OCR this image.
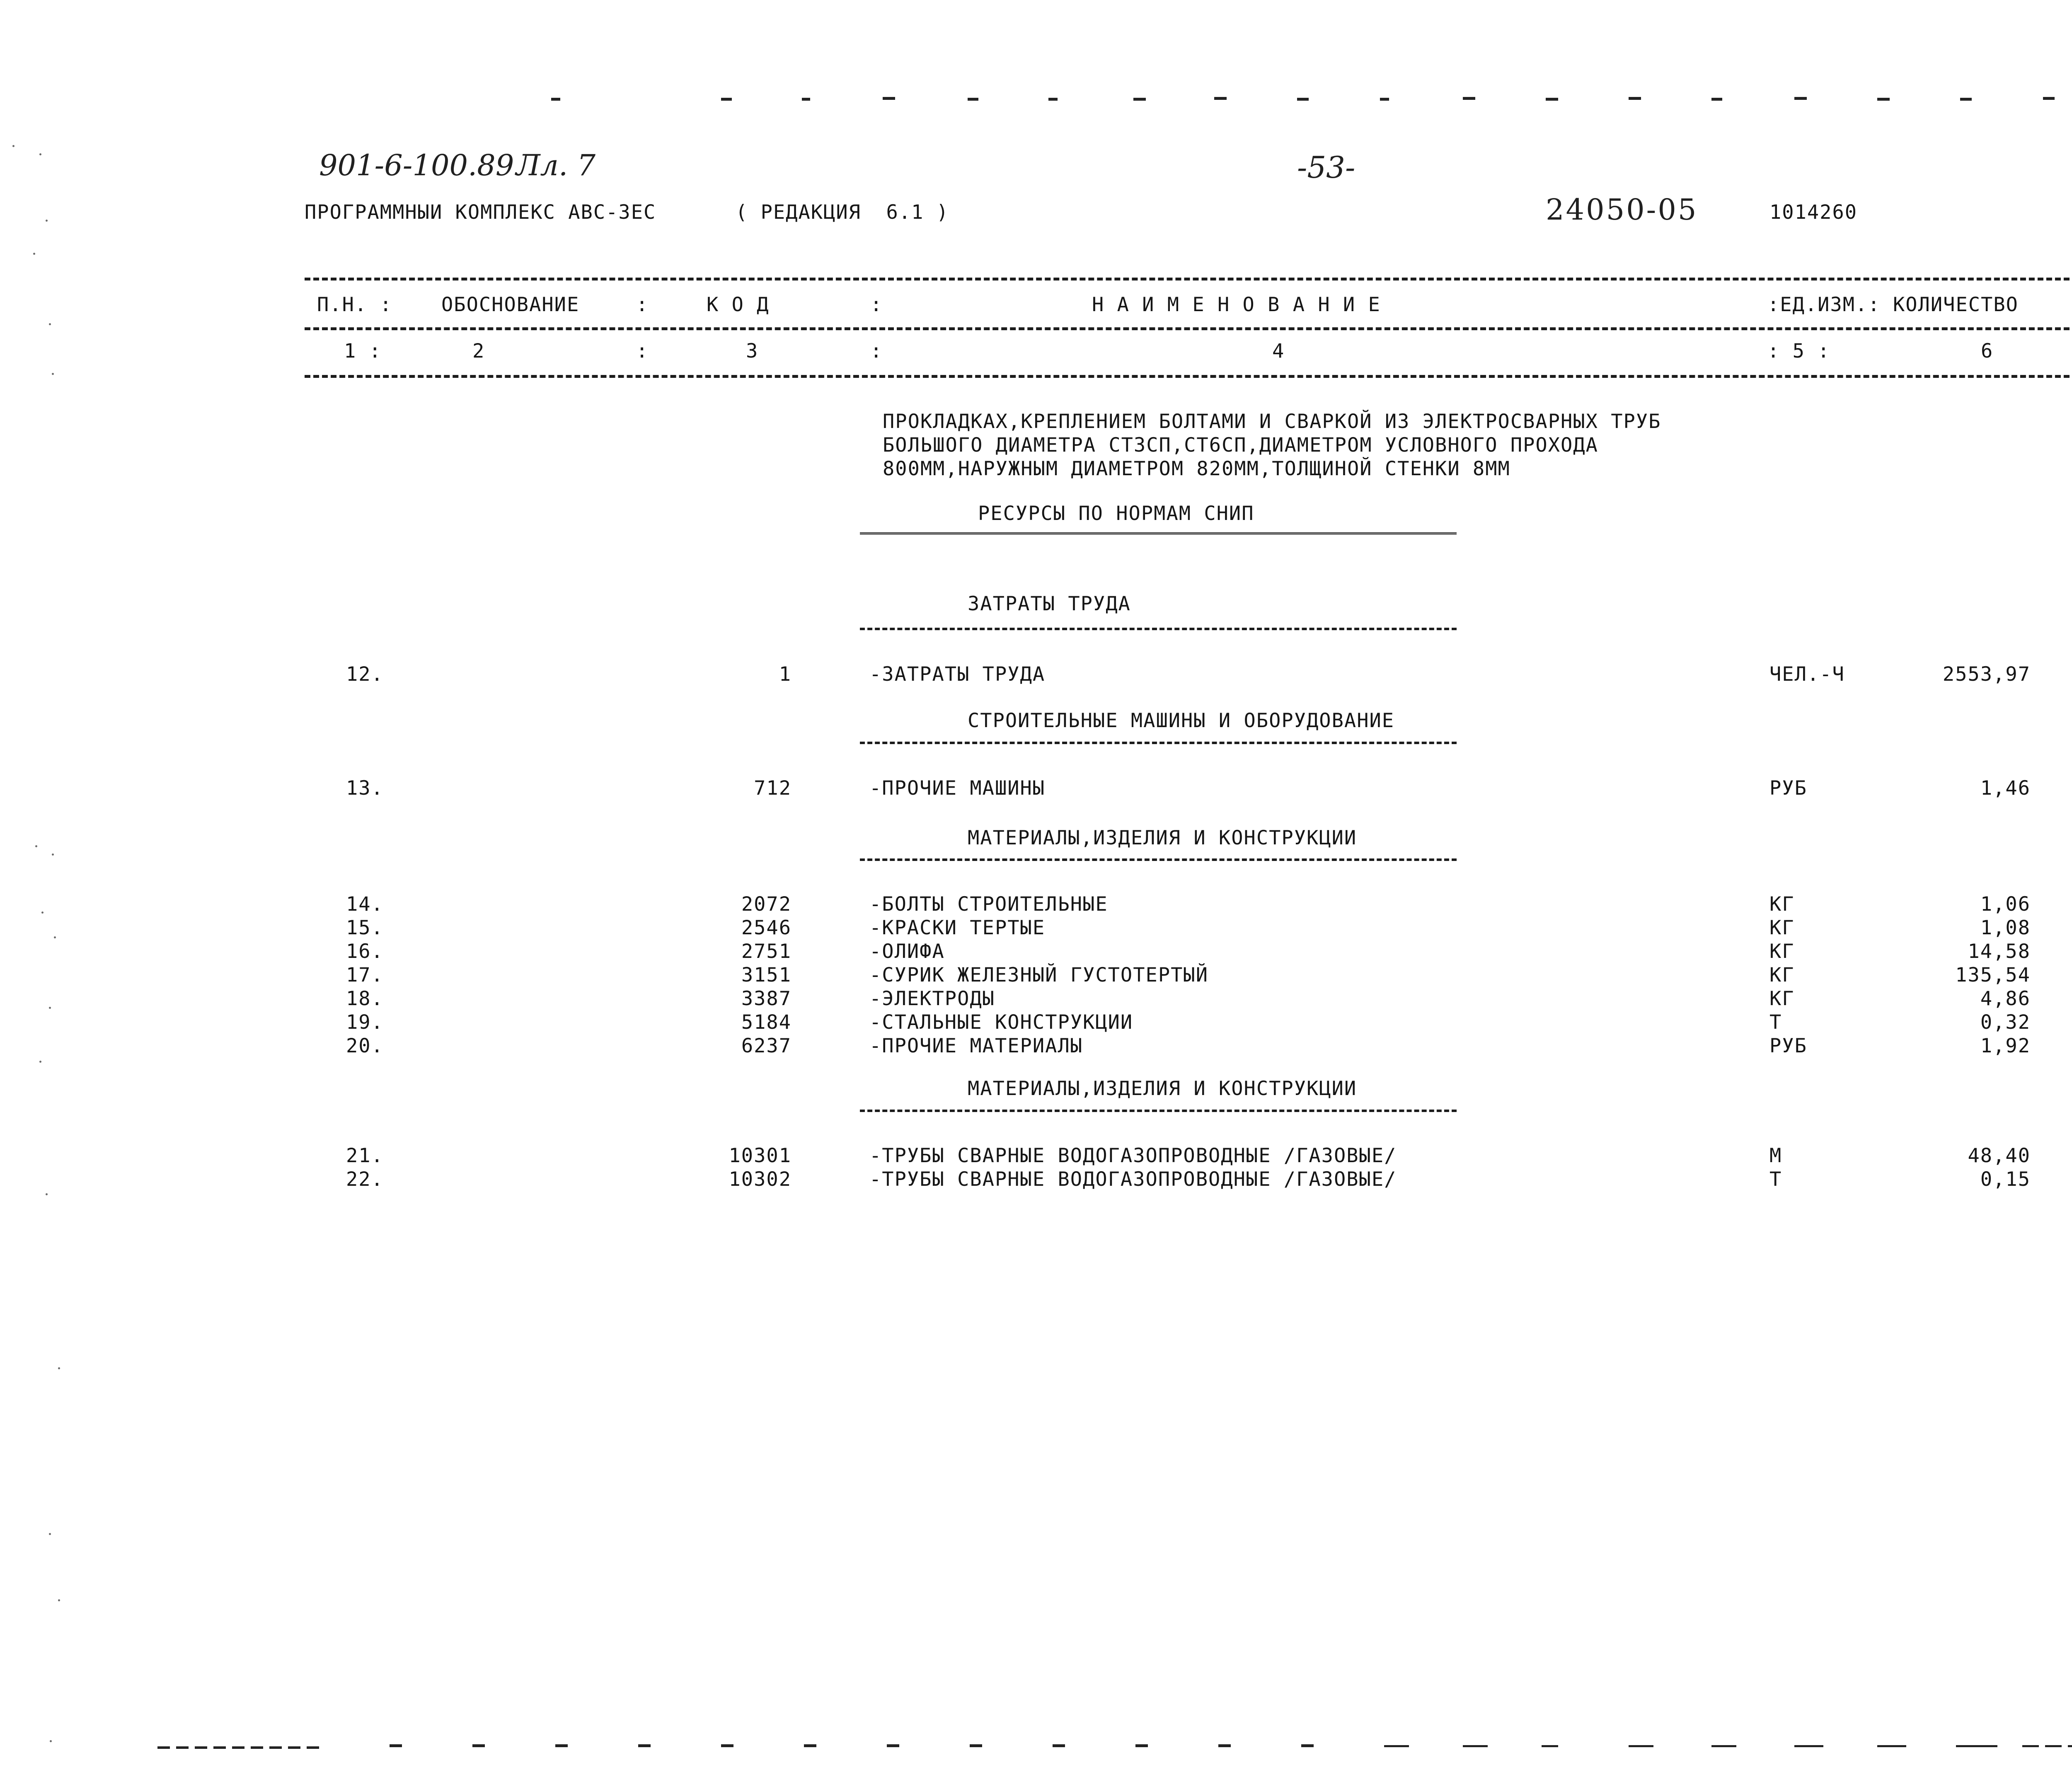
901-6-100.89 Лл. 7	-53-
24050-05
ПРОГРАММНЫИ КОМПЛЕКС АВС-3ЕС	( РЕДАКЦИЯ  6.1 )	1014260
П.Н. :	ОБОСНОВАНИЕ	:	К О Д	:	Н А И М Е Н О В А Н И Е	:ЕД.ИЗМ.: КОЛИЧЕСТВО
1 :	2	:	3	:	4	: 5 :	6
ПРОКЛАДКАХ,КРЕПЛЕНИЕМ БОЛТАМИ И СВАРКОЙ ИЗ ЭЛЕКТРОСВАРНЫХ ТРУБ
БОЛЬШОГО ДИАМЕТРА СТ3СП,СТ6СП,ДИАМЕТРОМ УСЛОВНОГО ПРОХОДА
800ММ,НАРУЖНЫМ ДИАМЕТРОМ 820ММ,ТОЛЩИНОЙ СТЕНКИ 8ММ
РЕСУРСЫ ПО НОРМАМ СНИП
ЗАТРАТЫ ТРУДА
12.	1	-ЗАТРАТЫ ТРУДА	ЧЕЛ.-Ч	2553,97
СТРОИТЕЛЬНЫЕ МАШИНЫ И ОБОРУДОВАНИЕ
13.	712	-ПРОЧИЕ МАШИНЫ	РУБ	1,46
МАТЕРИАЛЫ,ИЗДЕЛИЯ И КОНСТРУКЦИИ
14.	2072	-БОЛТЫ СТРОИТЕЛЬНЫЕ	КГ	1,06
15.	2546	-КРАСКИ ТЕРТЫЕ	КГ	1,08
16.	2751	-ОЛИФА	КГ	14,58
17.	3151	-СУРИК ЖЕЛЕЗНЫЙ ГУСТОТЕРТЫЙ	КГ	135,54
18.	3387	-ЭЛЕКТРОДЫ	КГ	4,86
19.	5184	-СТАЛЬНЫЕ КОНСТРУКЦИИ	Т	0,32
20.	6237	-ПРОЧИЕ МАТЕРИАЛЫ	РУБ	1,92
МАТЕРИАЛЫ,ИЗДЕЛИЯ И КОНСТРУКЦИИ
21.	10301	-ТРУБЫ СВАРНЫЕ ВОДОГАЗОПРОВОДНЫЕ /ГАЗОВЫЕ/	М	48,40
22.	10302	-ТРУБЫ СВАРНЫЕ ВОДОГАЗОПРОВОДНЫЕ /ГАЗОВЫЕ/	Т	0,15
